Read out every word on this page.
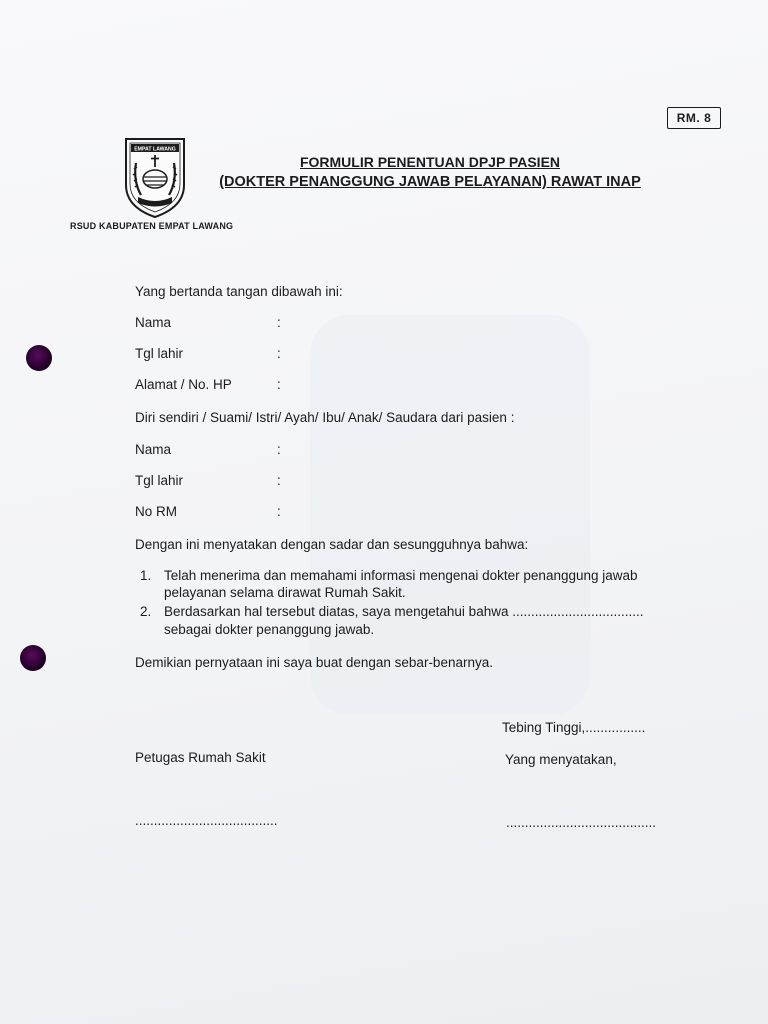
RM. 8
EMPAT LAWANG
RSUD KABUPATEN EMPAT LAWANG
FORMULIR PENENTUAN DPJP PASIEN
(DOKTER PENANGGUNG JAWAB PELAYANAN) RAWAT INAP
Yang bertanda tangan dibawah ini:
Nama	:
Tgl lahir	:
Alamat / No. HP	:
Diri sendiri / Suami/ Istri/ Ayah/ Ibu/ Anak/ Saudara dari pasien :
Nama	:
Tgl lahir	:
No RM	:
Dengan ini menyatakan dengan sadar dan sesungguhnya bahwa:
1. Telah menerima dan memahami informasi mengenai dokter penanggung jawab
pelayanan selama dirawat Rumah Sakit.
2. Berdasarkan hal tersebut diatas, saya mengetahui bahwa ...................................
sebagai dokter penanggung jawab.
Demikian pernyataan ini saya buat dengan sebar-benarnya.
Tebing Tinggi,................
Petugas Rumah Sakit	Yang menyatakan,
......................................	........................................
